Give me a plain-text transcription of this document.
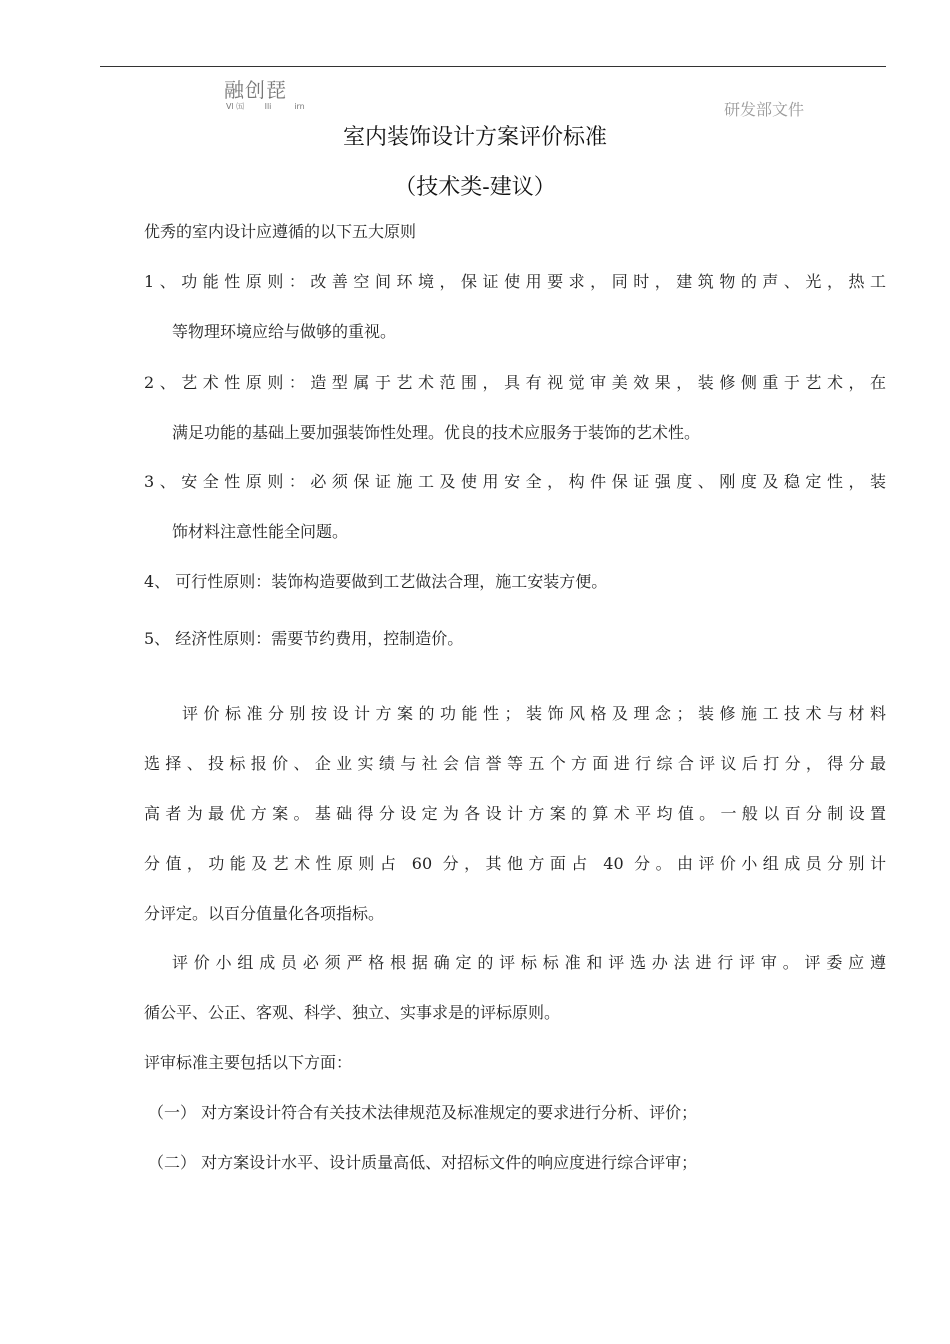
融创琵
Vl ㈤        Ili         irn	研发部文件
室内装饰设计方案评价标准
（技术类-建议）
优秀的室内设计应遵循的以下五大原则
1、功能性原则：改善空间环境，保证使用要求，同时，建筑物的声、光，热工
等物理环境应给与做够的重视。
2、艺术性原则：造型属于艺术范围，具有视觉审美效果，装修侧重于艺术，在
满足功能的基础上要加强装饰性处理。优良的技术应服务于装饰的艺术性。
3、安全性原则：必须保证施工及使用安全，构件保证强度、刚度及稳定性，装
饰材料注意性能全问题。
4、 可行性原则：装饰构造要做到工艺做法合理，施工安装方便。
5、 经济性原则：需要节约费用，控制造价。
评价标准分别按设计方案的功能性；装饰风格及理念；装修施工技术与材料
选择、投标报价、企业实绩与社会信誉等五个方面进行综合评议后打分，得分最
高者为最优方案。基础得分设定为各设计方案的算术平均值。一般以百分制设置
分值，功能及艺术性原则占 60 分，其他方面占 40 分。由评价小组成员分别计
分评定。以百分值量化各项指标。
评价小组成员必须严格根据确定的评标标准和评选办法进行评审。评委应遵
循公平、公正、客观、科学、独立、实事求是的评标原则。
评审标准主要包括以下方面：
（一） 对方案设计符合有关技术法律规范及标准规定的要求进行分析、评价；
（二） 对方案设计水平、设计质量高低、对招标文件的响应度进行综合评审；
